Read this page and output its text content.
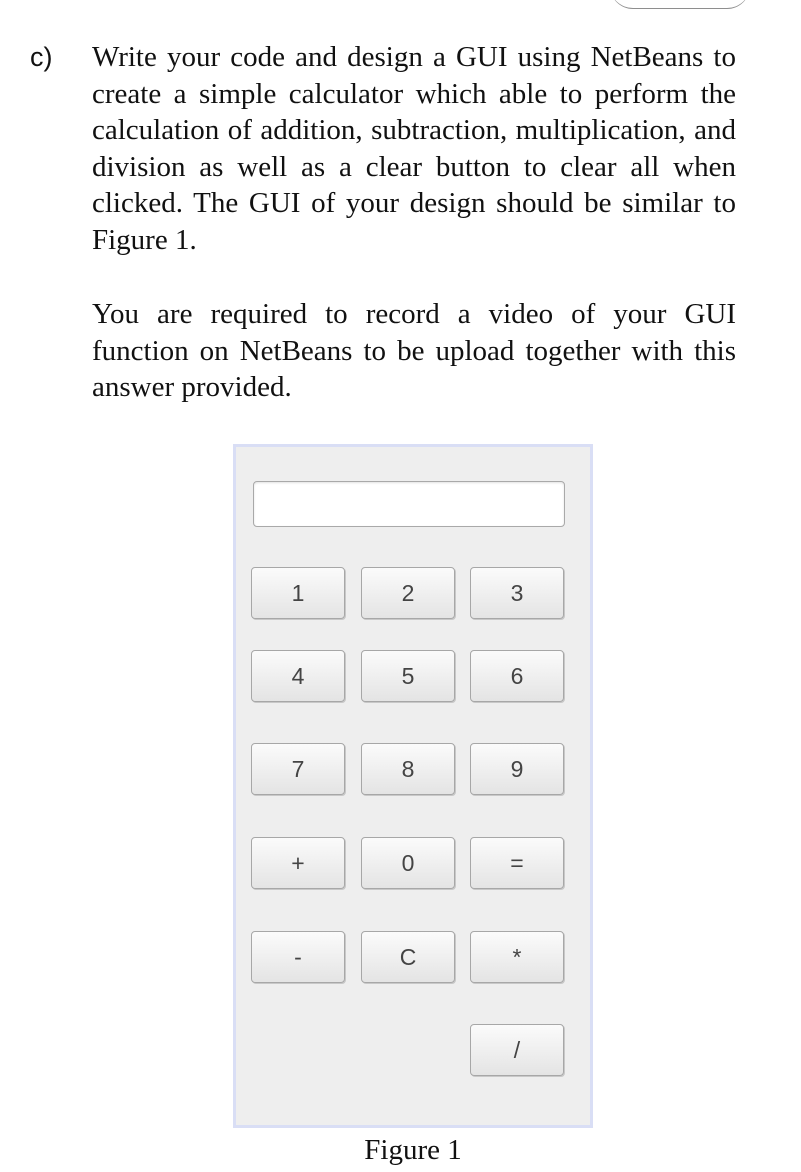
c) Write your code and design a GUI using NetBeans to create a simple calculator which able to perform the calculation of addition, subtraction, multiplication, and division as well as a clear button to clear all when clicked. The GUI of your design should be similar to Figure 1.

You are required to record a video of your GUI function on NetBeans to be upload together with this answer provided.

1	2	3
4	5	6
7	8	9
+	0	=
-	C	*
/
Figure 1
